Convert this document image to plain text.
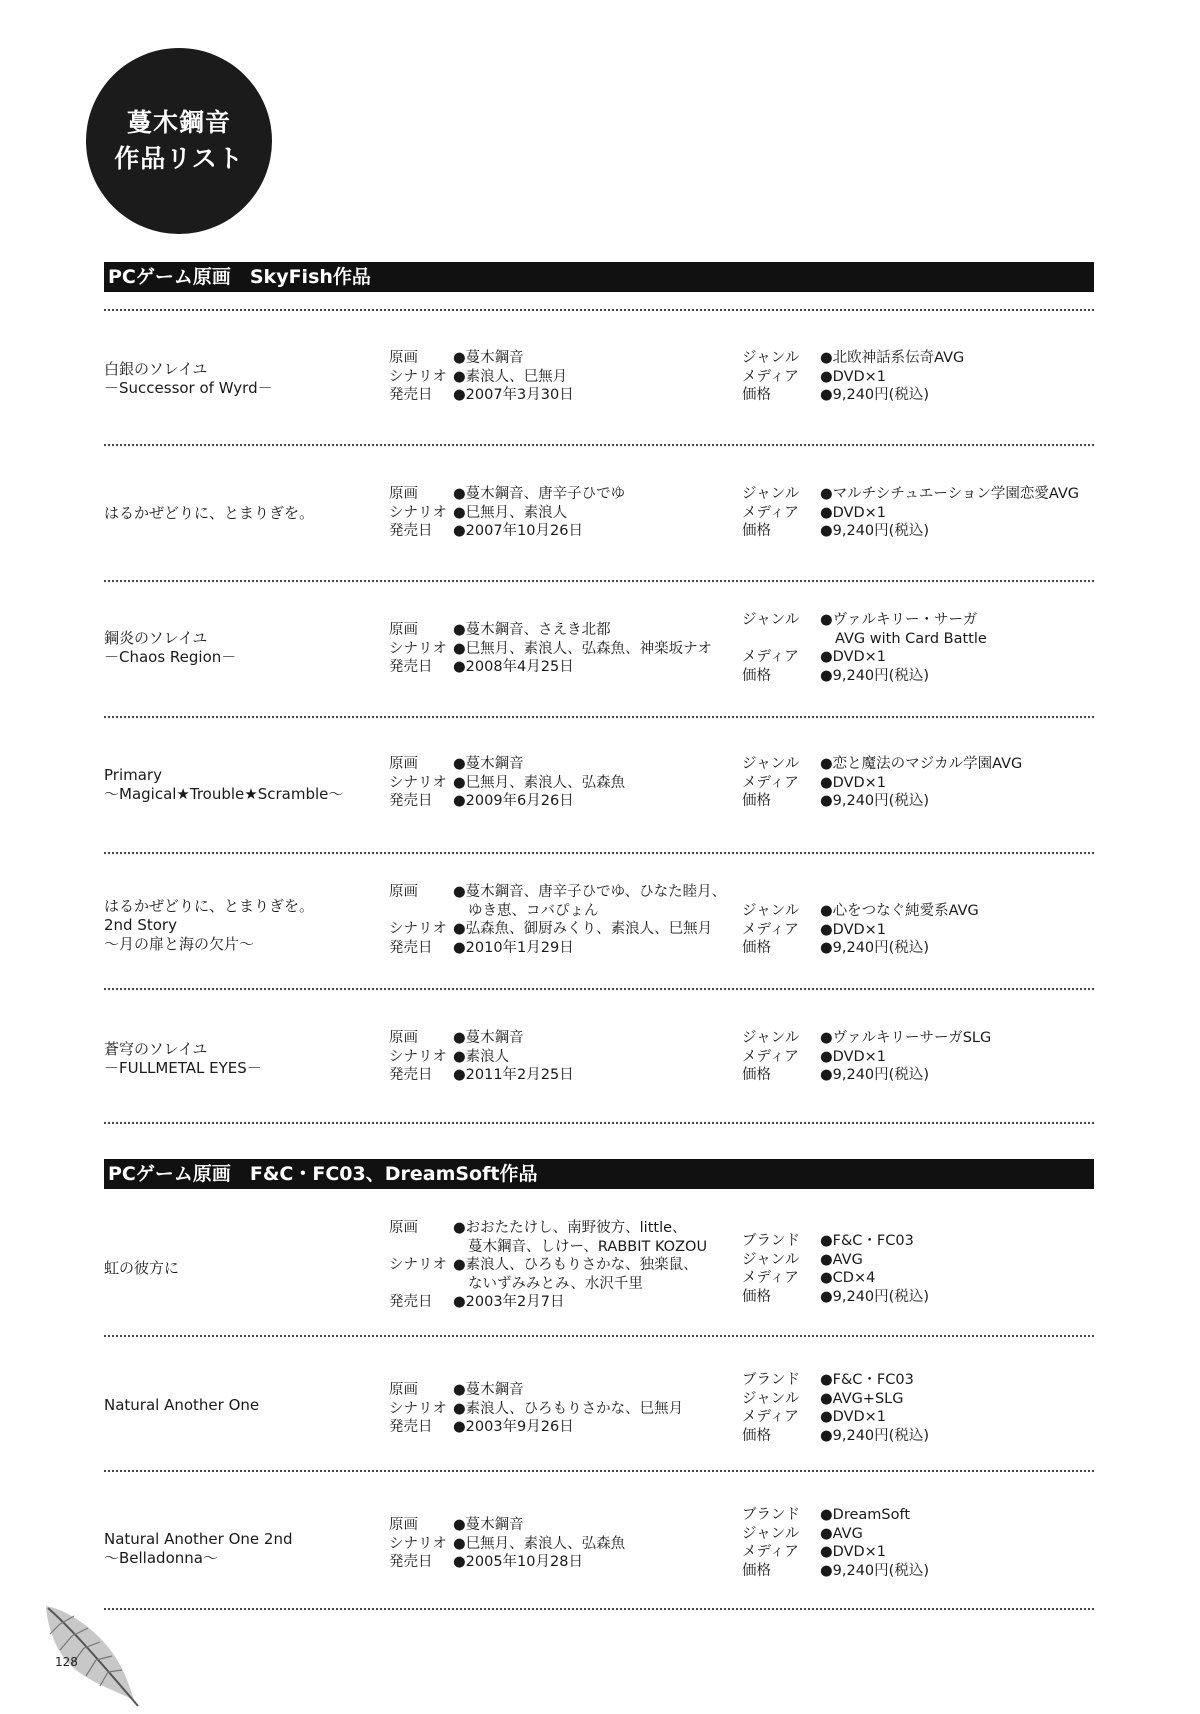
蔓木鋼音
作品リスト
PCゲーム原画　SkyFish作品
白銀のソレイユ
－Successor of Wyrd－
原画	●蔓木鋼音
シナリオ ●素浪人、巳無月
発売日	●2007年3月30日
ジャンル	●北欧神話系伝奇AVG
メディア	●DVD×1
価格	●9,240円(税込)
はるかぜどりに、とまりぎを。
原画	●蔓木鋼音、唐辛子ひでゆ
シナリオ ●巳無月、素浪人
発売日	●2007年10月26日
ジャンル	●マルチシチュエーション学園恋愛AVG
メディア	●DVD×1
価格	●9,240円(税込)
鋼炎のソレイユ
－Chaos Region－
原画	●蔓木鋼音、さえき北都
シナリオ ●巳無月、素浪人、弘森魚、神楽坂ナオ
発売日	●2008年4月25日
ジャンル	●ヴァルキリー・サーガ
AVG with Card Battle
メディア	●DVD×1
価格	●9,240円(税込)
Primary
～Magical★Trouble★Scramble～
原画	●蔓木鋼音
シナリオ ●巳無月、素浪人、弘森魚
発売日	●2009年6月26日
ジャンル	●恋と魔法のマジカル学園AVG
メディア	●DVD×1
価格	●9,240円(税込)
はるかぜどりに、とまりぎを。
2nd Story
～月の扉と海の欠片～
原画	●蔓木鋼音、唐辛子ひでゆ、ひなた睦月、
ゆき恵、コバぴょん
シナリオ ●弘森魚、御厨みくり、素浪人、巳無月
発売日	●2010年1月29日
ジャンル	●心をつなぐ純愛系AVG
メディア	●DVD×1
価格	●9,240円(税込)
蒼穹のソレイユ
－FULLMETAL EYES－
原画	●蔓木鋼音
シナリオ ●素浪人
発売日	●2011年2月25日
ジャンル	●ヴァルキリーサーガSLG
メディア	●DVD×1
価格	●9,240円(税込)
PCゲーム原画　F&C・FC03、DreamSoft作品
虹の彼方に
原画	●おおたたけし、南野彼方、little、
蔓木鋼音、しけー、RABBIT KOZOU
シナリオ ●素浪人、ひろもりさかな、独楽鼠、
ないずみみとみ、水沢千里
発売日	●2003年2月7日
ブランド	●F&C・FC03
ジャンル	●AVG
メディア	●CD×4
価格	●9,240円(税込)
Natural Another One
原画	●蔓木鋼音
シナリオ ●素浪人、ひろもりさかな、巳無月
発売日	●2003年9月26日
ブランド	●F&C・FC03
ジャンル	●AVG+SLG
メディア	●DVD×1
価格	●9,240円(税込)
Natural Another One 2nd
～Belladonna～
原画	●蔓木鋼音
シナリオ ●巳無月、素浪人、弘森魚
発売日	●2005年10月28日
ブランド	●DreamSoft
ジャンル	●AVG
メディア	●DVD×1
価格	●9,240円(税込)
128
